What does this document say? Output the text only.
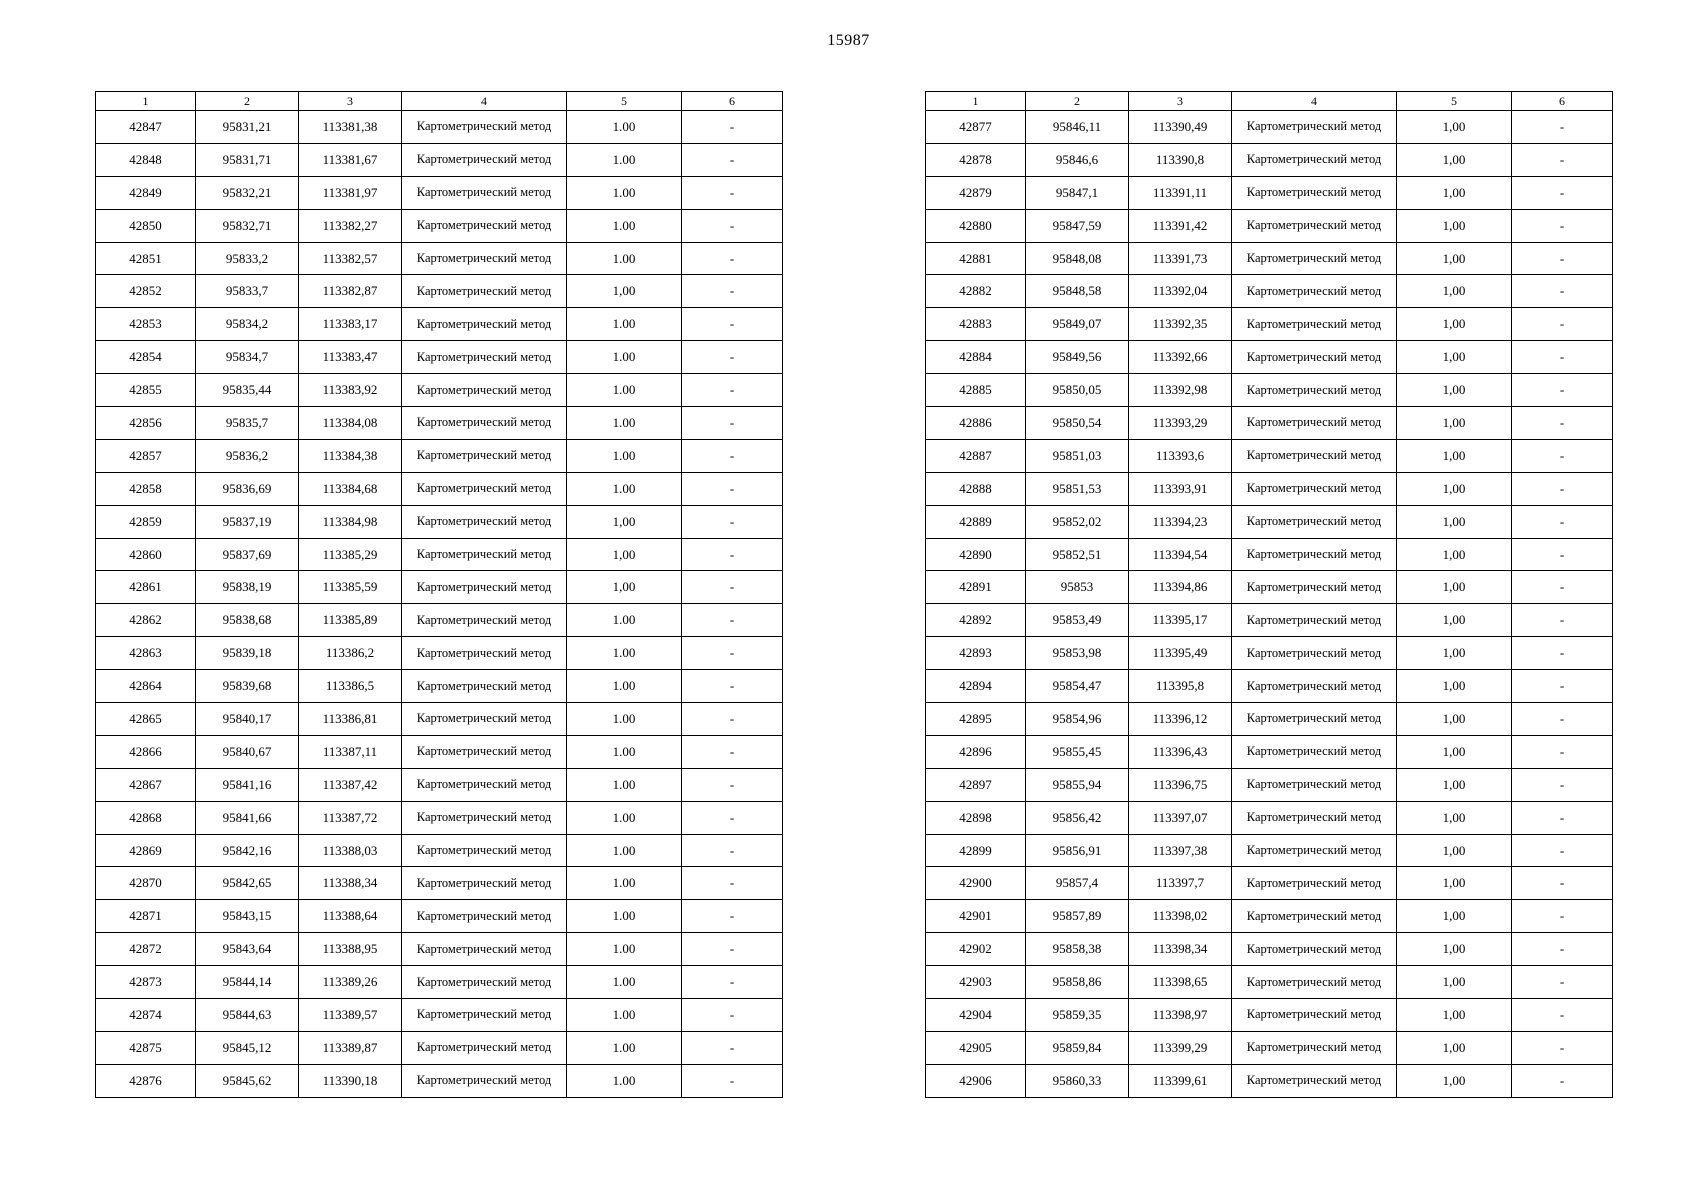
15987
1	2	3	4	5	6
42847	95831,21	113381,38	Картометрический метод	1.00	-
42848	95831,71	113381,67	Картометрический метод	1.00	-
42849	95832,21	113381,97	Картометрический метод	1.00	-
42850	95832,71	113382,27	Картометрический метод	1.00	-
42851	95833,2	113382,57	Картометрический метод	1.00	-
42852	95833,7	113382,87	Картометрический метод	1,00	-
42853	95834,2	113383,17	Картометрический метод	1.00	-
42854	95834,7	113383,47	Картометрический метод	1.00	-
42855	95835,44	113383,92	Картометрический метод	1.00	-
42856	95835,7	113384,08	Картометрический метод	1.00	-
42857	95836,2	113384,38	Картометрический метод	1.00	-
42858	95836,69	113384,68	Картометрический метод	1.00	-
42859	95837,19	113384,98	Картометрический метод	1,00	-
42860	95837,69	113385,29	Картометрический метод	1,00	-
42861	95838,19	113385,59	Картометрический метод	1,00	-
42862	95838,68	113385,89	Картометрический метод	1.00	-
42863	95839,18	113386,2	Картометрический метод	1.00	-
42864	95839,68	113386,5	Картометрический метод	1.00	-
42865	95840,17	113386,81	Картометрический метод	1.00	-
42866	95840,67	113387,11	Картометрический метод	1.00	-
42867	95841,16	113387,42	Картометрический метод	1.00	-
42868	95841,66	113387,72	Картометрический метод	1.00	-
42869	95842,16	113388,03	Картометрический метод	1.00	-
42870	95842,65	113388,34	Картометрический метод	1.00	-
42871	95843,15	113388,64	Картометрический метод	1.00	-
42872	95843,64	113388,95	Картометрический метод	1.00	-
42873	95844,14	113389,26	Картометрический метод	1.00	-
42874	95844,63	113389,57	Картометрический метод	1.00	-
42875	95845,12	113389,87	Картометрический метод	1.00	-
42876	95845,62	113390,18	Картометрический метод	1.00	-
1	2	3	4	5	6
42877	95846,11	113390,49	Картометрический метод	1,00	-
42878	95846,6	113390,8	Картометрический метод	1,00	-
42879	95847,1	113391,11	Картометрический метод	1,00	-
42880	95847,59	113391,42	Картометрический метод	1,00	-
42881	95848,08	113391,73	Картометрический метод	1,00	-
42882	95848,58	113392,04	Картометрический метод	1,00	-
42883	95849,07	113392,35	Картометрический метод	1,00	-
42884	95849,56	113392,66	Картометрический метод	1,00	-
42885	95850,05	113392,98	Картометрический метод	1,00	-
42886	95850,54	113393,29	Картометрический метод	1,00	-
42887	95851,03	113393,6	Картометрический метод	1,00	-
42888	95851,53	113393,91	Картометрический метод	1,00	-
42889	95852,02	113394,23	Картометрический метод	1,00	-
42890	95852,51	113394,54	Картометрический метод	1,00	-
42891	95853	113394,86	Картометрический метод	1,00	-
42892	95853,49	113395,17	Картометрический метод	1,00	-
42893	95853,98	113395,49	Картометрический метод	1,00	-
42894	95854,47	113395,8	Картометрический метод	1,00	-
42895	95854,96	113396,12	Картометрический метод	1,00	-
42896	95855,45	113396,43	Картометрический метод	1,00	-
42897	95855,94	113396,75	Картометрический метод	1,00	-
42898	95856,42	113397,07	Картометрический метод	1,00	-
42899	95856,91	113397,38	Картометрический метод	1,00	-
42900	95857,4	113397,7	Картометрический метод	1,00	-
42901	95857,89	113398,02	Картометрический метод	1,00	-
42902	95858,38	113398,34	Картометрический метод	1,00	-
42903	95858,86	113398,65	Картометрический метод	1,00	-
42904	95859,35	113398,97	Картометрический метод	1,00	-
42905	95859,84	113399,29	Картометрический метод	1,00	-
42906	95860,33	113399,61	Картометрический метод	1,00	-
